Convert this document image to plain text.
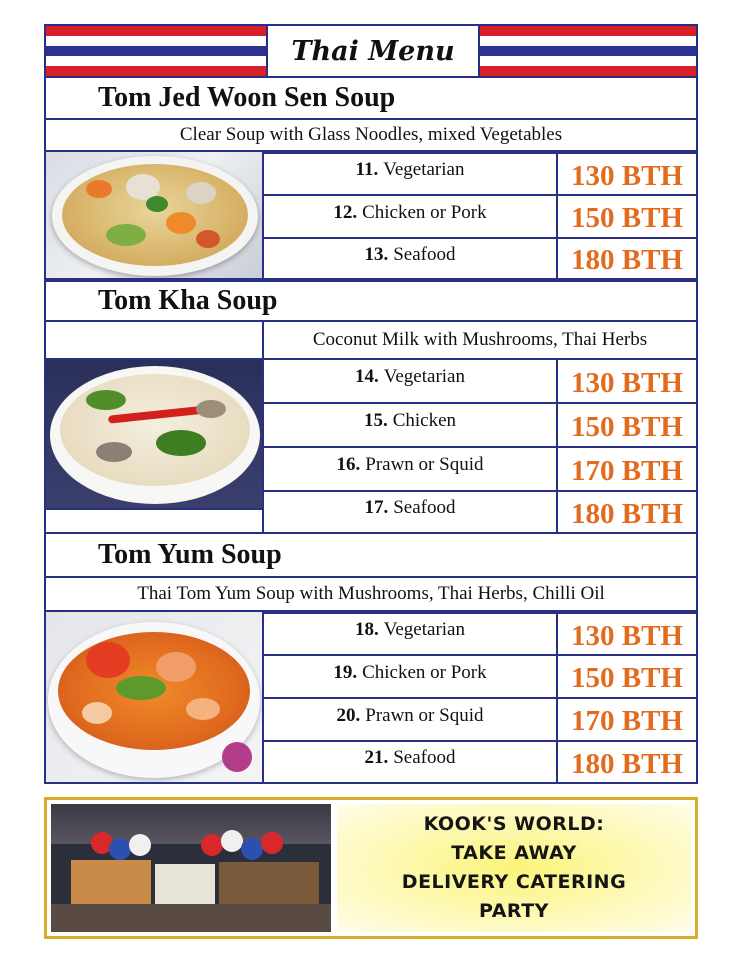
Thai Menu
Tom Jed Woon Sen Soup
Clear Soup with Glass Noodles, mixed Vegetables
11. Vegetarian	130 BTH
12. Chicken or Pork	150 BTH
13. Seafood	180 BTH
Tom Kha Soup
Coconut Milk with Mushrooms, Thai Herbs
14. Vegetarian	130 BTH
15. Chicken	150 BTH
16. Prawn or Squid	170 BTH
17. Seafood	180 BTH
Tom Yum Soup
Thai Tom Yum Soup with Mushrooms, Thai Herbs, Chilli Oil
18. Vegetarian	130 BTH
19. Chicken or Pork	150 BTH
20. Prawn or Squid	170 BTH
21. Seafood	180 BTH
KOOK'S WORLD:
TAKE AWAY
DELIVERY CATERING
PARTY
